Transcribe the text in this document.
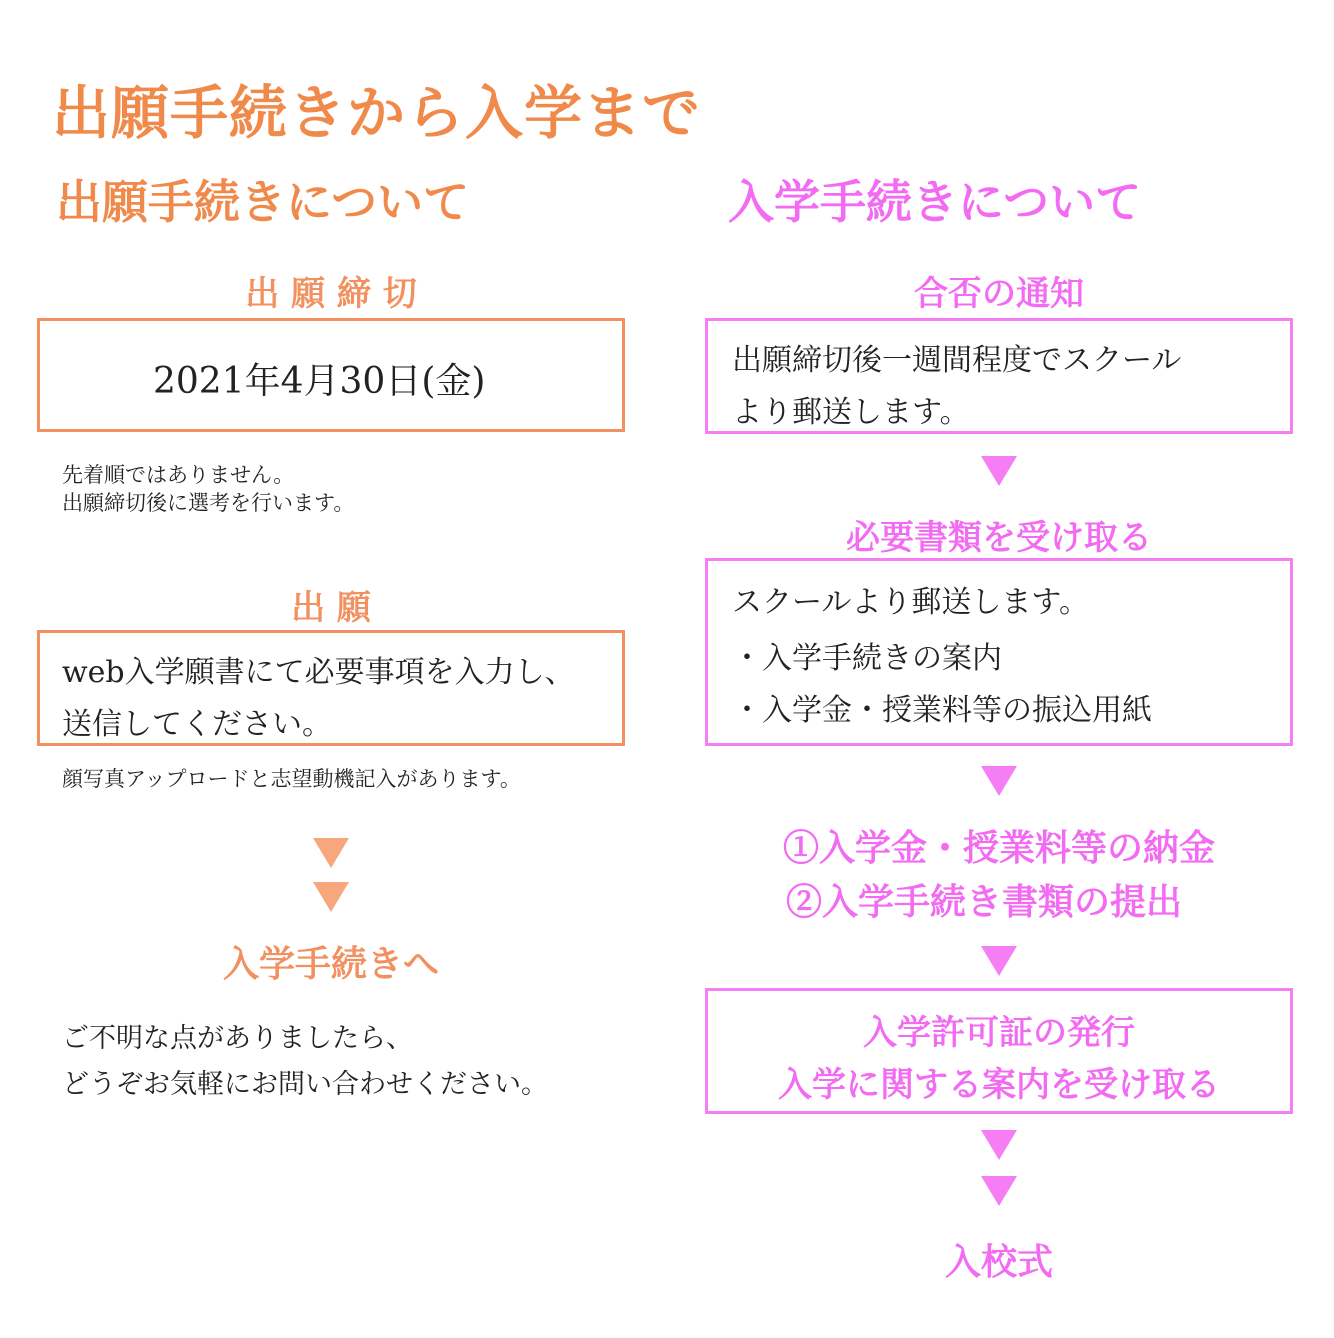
出願手続きから入学まで
出願手続きについて
出 願 締 切
2021年4月30日(金)
先着順ではありません。
出願締切後に選考を行います。
出 願
web入学願書にて必要事項を入力し、
送信してください。
顔写真アップロードと志望動機記入があります。
入学手続きへ
ご不明な点がありましたら、
どうぞお気軽にお問い合わせください。
入学手続きについて
合否の通知
出願締切後一週間程度でスクール
より郵送します。
必要書類を受け取る
スクールより郵送します。
・入学手続きの案内
・入学金・授業料等の振込用紙
①入学金・授業料等の納金
②入学手続き書類の提出
入学許可証の発行
入学に関する案内を受け取る
入校式
